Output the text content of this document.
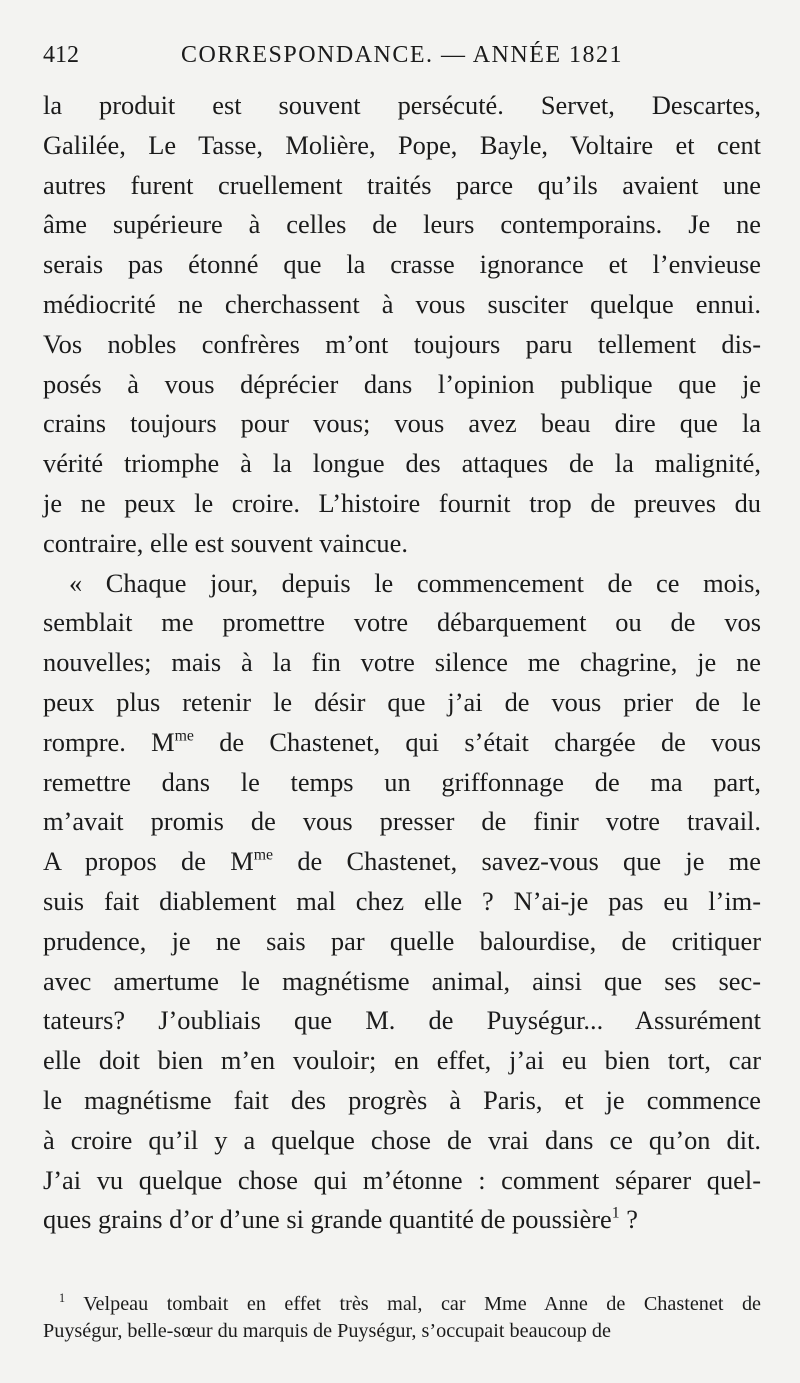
412	CORRESPONDANCE. — ANNÉE 1821
la produit est souvent persécuté. Servet, Descartes,
Galilée, Le Tasse, Molière, Pope, Bayle, Voltaire et cent
autres furent cruellement traités parce qu’ils avaient une
âme supérieure à celles de leurs contemporains. Je ne
serais pas étonné que la crasse ignorance et l’envieuse
médiocrité ne cherchassent à vous susciter quelque ennui.
Vos nobles confrères m’ont toujours paru tellement dis-
posés à vous déprécier dans l’opinion publique que je
crains toujours pour vous; vous avez beau dire que la
vérité triomphe à la longue des attaques de la malignité,
je ne peux le croire. L’histoire fournit trop de preuves du
contraire, elle est souvent vaincue.
« Chaque jour, depuis le commencement de ce mois,
semblait me promettre votre débarquement ou de vos
nouvelles; mais à la fin votre silence me chagrine, je ne
peux plus retenir le désir que j’ai de vous prier de le
rompre. $M^{me}$ de Chastenet, qui s’était chargée de vous
remettre dans le temps un griffonnage de ma part,
m’avait promis de vous presser de finir votre travail.
A propos de $M^{me}$ de Chastenet, savez-vous que je me
suis fait diablement mal chez elle ? N’ai-je pas eu l’im-
prudence, je ne sais par quelle balourdise, de critiquer
avec amertume le magnétisme animal, ainsi que ses sec-
tateurs? J’oubliais que M. de Puységur... Assurément
elle doit bien m’en vouloir; en effet, j’ai eu bien tort, car
le magnétisme fait des progrès à Paris, et je commence
à croire qu’il y a quelque chose de vrai dans ce qu’on dit.
J’ai vu quelque chose qui m’étonne : comment séparer quel-
ques grains d’or d’une si grande quantité de poussière$^1$ ?
$^1$ Velpeau tombait en effet très mal, car Mme Anne de Chastenet de
Puységur, belle-sœur du marquis de Puységur, s’occupait beaucoup de
